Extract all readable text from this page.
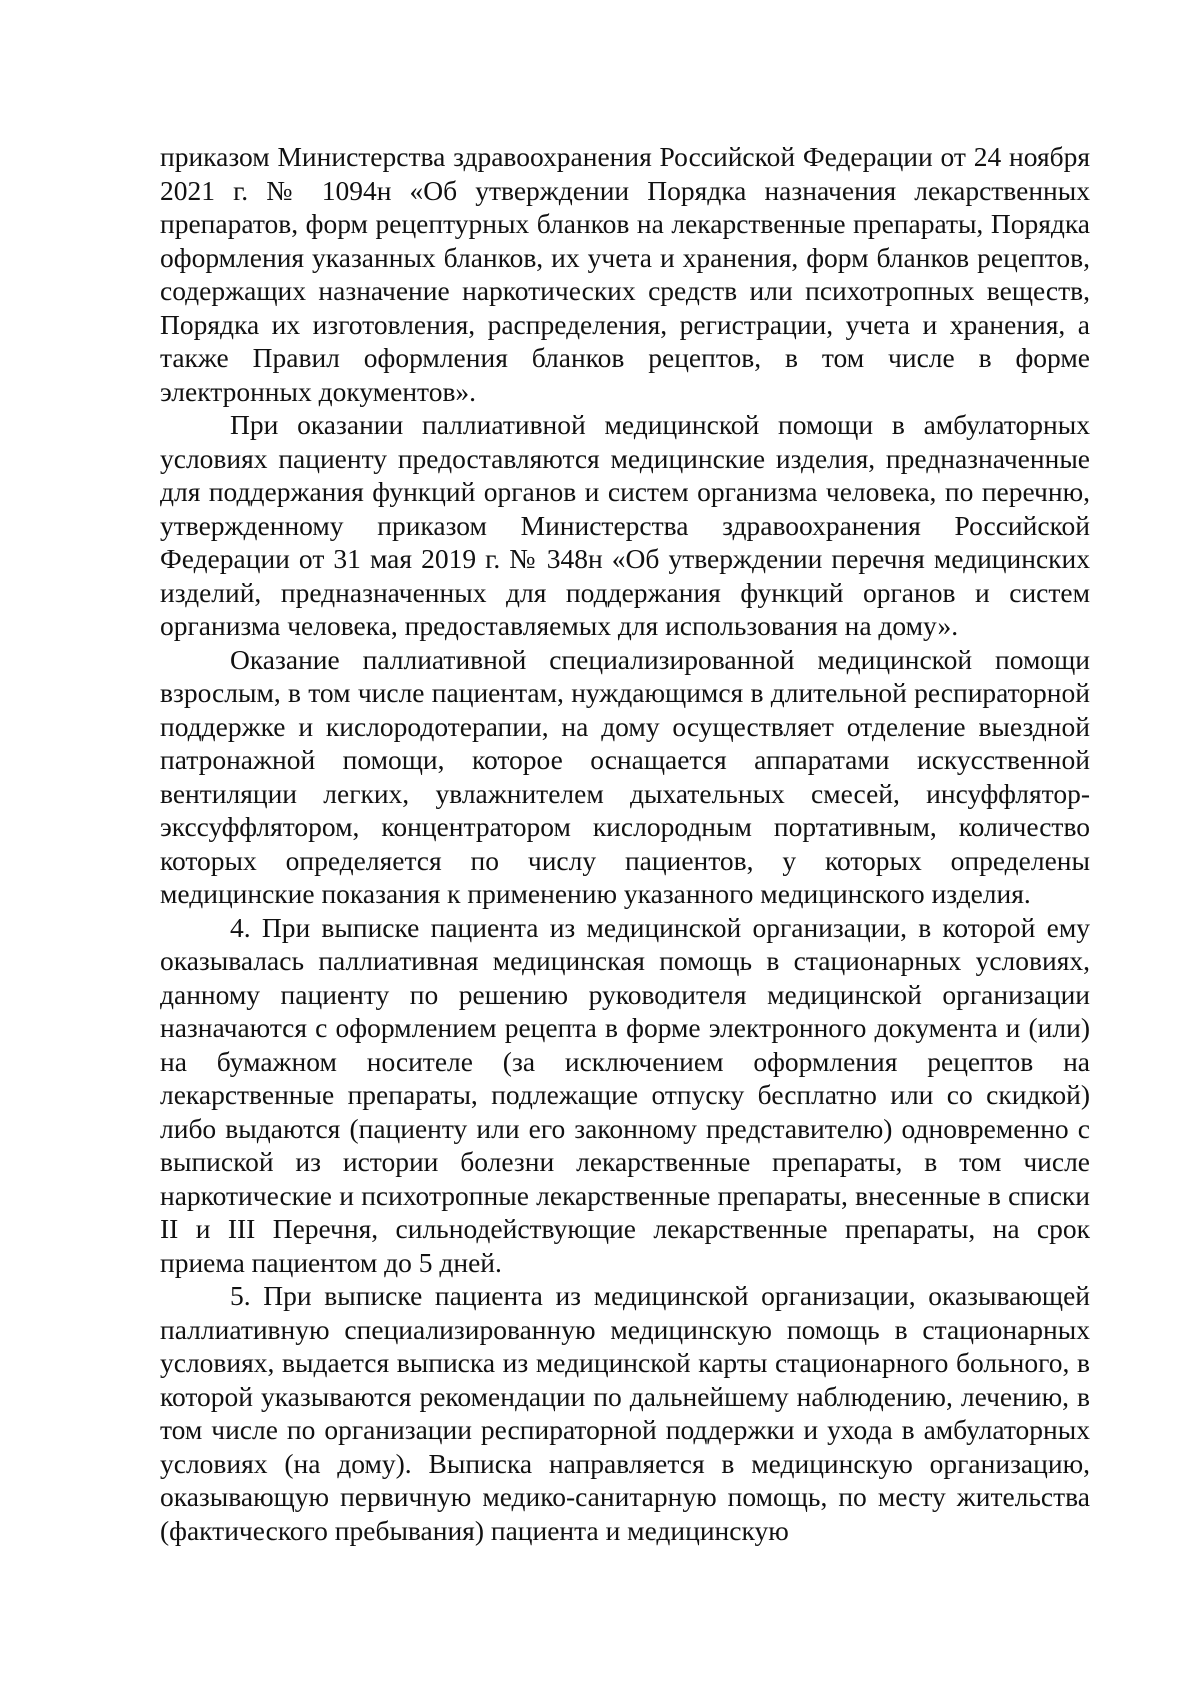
приказом Министерства здравоохранения Российской Федерации от 24 ноября 2021 г. № 1094н «Об утверждении Порядка назначения лекарственных препаратов, форм рецептурных бланков на лекарственные препараты, Порядка оформления указанных бланков, их учета и хранения, форм бланков рецептов, содержащих назначение наркотических средств или психотропных веществ, Порядка их изготовления, распределения, регистрации, учета и хранения, а также Правил оформления бланков рецептов, в том числе в форме электронных документов».

При оказании паллиативной медицинской помощи в амбулаторных условиях пациенту предоставляются медицинские изделия, предназначенные для поддержания функций органов и систем организма человека, по перечню, утвержденному приказом Министерства здравоохранения Российской Федерации от 31 мая 2019 г. № 348н «Об утверждении перечня медицинских изделий, предназначенных для поддержания функций органов и систем организма человека, предоставляемых для использования на дому».

Оказание паллиативной специализированной медицинской помощи взрослым, в том числе пациентам, нуждающимся в длительной респираторной поддержке и кислородотерапии, на дому осуществляет отделение выездной патронажной помощи, которое оснащается аппаратами искусственной вентиляции легких, увлажнителем дыхательных смесей, инсуффлятор-экссуффлятором, концентратором кислородным портативным, количество которых определяется по числу пациентов, у которых определены медицинские показания к применению указанного медицинского изделия.

4. При выписке пациента из медицинской организации, в которой ему оказывалась паллиативная медицинская помощь в стационарных условиях, данному пациенту по решению руководителя медицинской организации назначаются с оформлением рецепта в форме электронного документа и (или) на бумажном носителе (за исключением оформления рецептов на лекарственные препараты, подлежащие отпуску бесплатно или со скидкой) либо выдаются (пациенту или его законному представителю) одновременно с выпиской из истории болезни лекарственные препараты, в том числе наркотические и психотропные лекарственные препараты, внесенные в списки II и III Перечня, сильнодействующие лекарственные препараты, на срок приема пациентом до 5 дней.

5. При выписке пациента из медицинской организации, оказывающей паллиативную специализированную медицинскую помощь в стационарных условиях, выдается выписка из медицинской карты стационарного больного, в которой указываются рекомендации по дальнейшему наблюдению, лечению, в том числе по организации респираторной поддержки и ухода в амбулаторных условиях (на дому). Выписка направляется в медицинскую организацию, оказывающую первичную медико-санитарную помощь, по месту жительства (фактического пребывания) пациента и медицинскую
